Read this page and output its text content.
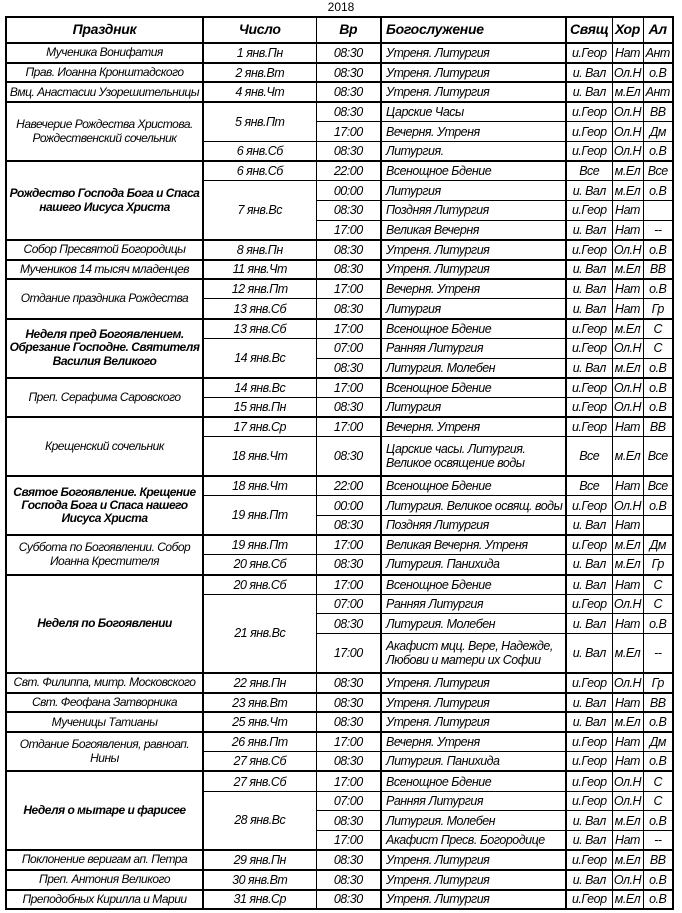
2018
Праздник	Число	Вр	Богослужение	Свящ	Хор	Ал
Мученика Вонифатия	1 янв.Пн	08:30	Утреня. Литургия	и.Геор	Нат	Ант
Прав. Иоанна Кронштадского	2 янв.Вт	08:30	Утреня. Литургия	и. Вал	Ол.Н	о.В
Вмц. Анастасии Узорешительницы	4 янв.Чт	08:30	Утреня. Литургия	и. Вал	м.Ел	Ант
Навечерие Рождества Христова. Рождественский сочельник	5 янв.Пт	08:30	Царские Часы	и.Геор	Ол.Н	ВВ
		17:00	Вечерня. Утреня	и.Геор	Ол.Н	Дм
	6 янв.Сб	08:30	Литургия.	и.Геор	Ол.Н	о.В
Рождество Господа Бога и Спаса нашего Иисуса Христа	6 янв.Сб	22:00	Всенощное Бдение	Все	м.Ел	Все
	7 янв.Вс	00:00	Литургия	и. Вал	м.Ел	о.В
		08:30	Поздняя Литургия	и.Геор	Нат	
		17:00	Великая Вечерня	и. Вал	Нат	--
Собор Пресвятой Богородицы	8 янв.Пн	08:30	Утреня. Литургия	и.Геор	Ол.Н	о.В
Мучеников 14 тысяч младенцев	11 янв.Чт	08:30	Утреня. Литургия	и. Вал	м.Ел	ВВ
Отдание праздника Рождества	12 янв.Пт	17:00	Вечерня. Утреня	и. Вал	Нат	о.В
	13 янв.Сб	08:30	Литургия	и. Вал	Нат	Гр
Неделя пред Богоявлением. Обрезание Господне. Святителя Василия Великого	13 янв.Сб	17:00	Всенощное Бдение	и.Геор	м.Ел	С
	14 янв.Вс	07:00	Ранняя Литургия	и.Геор	Ол.Н	С
		08:30	Литургия. Молебен	и. Вал	м.Ел	о.В
Преп. Серафима Саровского	14 янв.Вс	17:00	Всенощное Бдение	и.Геор	Ол.Н	о.В
	15 янв.Пн	08:30	Литургия	и.Геор	Ол.Н	о.В
Крещенский сочельник	17 янв.Ср	17:00	Вечерня. Утреня	и.Геор	Нат	ВВ
	18 янв.Чт	08:30	Царские часы. Литургия. Великое освящение воды	Все	м.Ел	Все
Святое Богоявление. Крещение Господа Бога и Спаса нашего Иисуса Христа	18 янв.Чт	22:00	Всенощное Бдение	Все	Нат	Все
	19 янв.Пт	00:00	Литургия. Великое освящ. воды	и.Геор	Ол.Н	о.В
		08:30	Поздняя Литургия	и. Вал	Нат	
Суббота по Богоявлении. Собор Иоанна Крестителя	19 янв.Пт	17:00	Великая Вечерня. Утреня	и.Геор	м.Ел	Дм
	20 янв.Сб	08:30	Литургия. Панихида	и. Вал	м.Ел	Гр
Неделя по Богоявлении	20 янв.Сб	17:00	Всенощное Бдение	и. Вал	Нат	С
	21 янв.Вс	07:00	Ранняя Литургия	и.Геор	Ол.Н	С
		08:30	Литургия. Молебен	и. Вал	Нат	о.В
		17:00	Акафист мцц. Вере, Надежде, Любови и матери их Софии	и. Вал	м.Ел	--
Свт. Филиппа, митр. Московского	22 янв.Пн	08:30	Утреня. Литургия	и.Геор	Ол.Н	Гр
Свт. Феофана Затворника	23 янв.Вт	08:30	Утреня. Литургия	и. Вал	Нат	ВВ
Мученицы Татианы	25 янв.Чт	08:30	Утреня. Литургия	и. Вал	м.Ел	о.В
Отдание Богоявления, равноап. Нины	26 янв.Пт	17:00	Вечерня. Утреня	и.Геор	Нат	Дм
	27 янв.Сб	08:30	Литургия. Панихида	и.Геор	Нат	о.В
Неделя о мытаре и фарисее	27 янв.Сб	17:00	Всенощное Бдение	и.Геор	Ол.Н	С
	28 янв.Вс	07:00	Ранняя Литургия	и.Геор	Ол.Н	С
		08:30	Литургия. Молебен	и. Вал	м.Ел	о.В
		17:00	Акафист Пресв. Богородице	и. Вал	Нат	--
Поклонение веригам ап. Петра	29 янв.Пн	08:30	Утреня. Литургия	и.Геор	м.Ел	ВВ
Преп. Антония Великого	30 янв.Вт	08:30	Утреня. Литургия	и. Вал	Ол.Н	о.В
Преподобных Кирилла и Марии	31 янв.Ср	08:30	Утреня. Литургия	и.Геор	м.Ел	о.В
